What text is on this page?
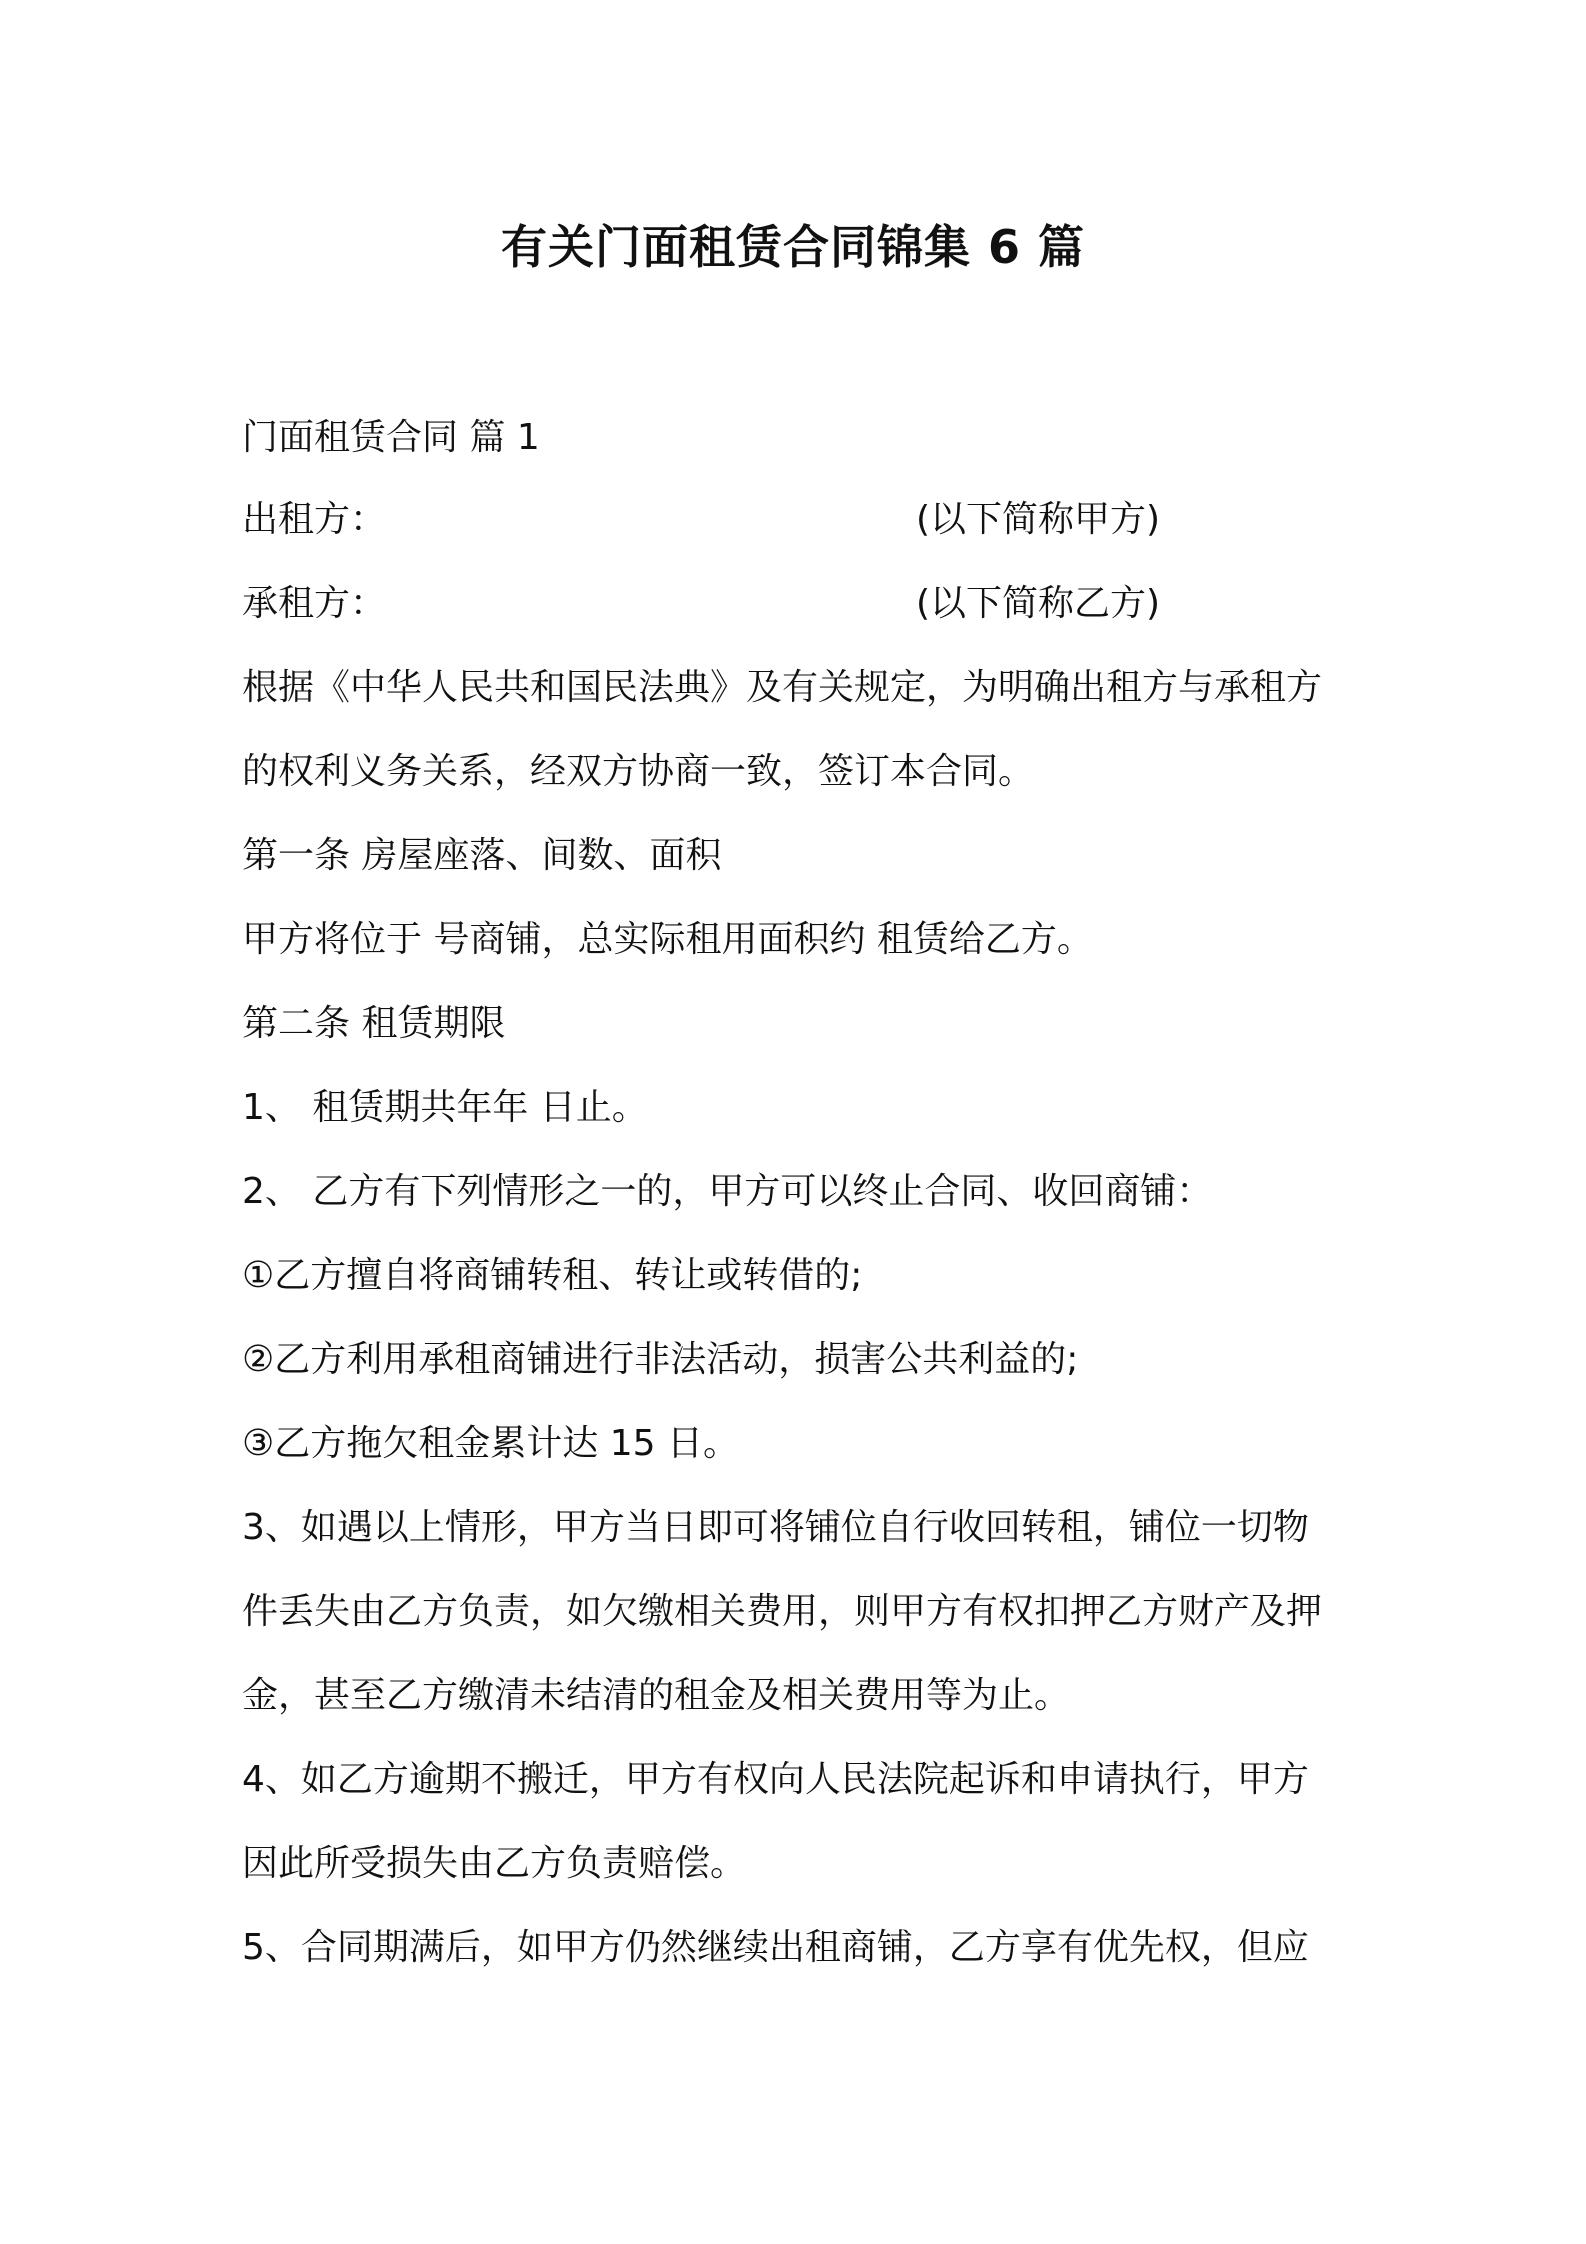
有关门面租赁合同锦集 6 篇
门面租赁合同 篇 1
出租方：	(以下简称甲方)
承租方：	(以下简称乙方)
根据《中华人民共和国民法典》及有关规定，为明确出租方与承租方
的权利义务关系，经双方协商一致，签订本合同。
第一条 房屋座落、间数、面积
甲方将位于 号商铺，总实际租用面积约 租赁给乙方。
第二条 租赁期限
1、 租赁期共年年 日止。
2、 乙方有下列情形之一的，甲方可以终止合同、收回商铺：
①乙方擅自将商铺转租、转让或转借的;
②乙方利用承租商铺进行非法活动，损害公共利益的;
③乙方拖欠租金累计达 15 日。
3、如遇以上情形，甲方当日即可将铺位自行收回转租，铺位一切物
件丢失由乙方负责，如欠缴相关费用，则甲方有权扣押乙方财产及押
金，甚至乙方缴清未结清的租金及相关费用等为止。
4、如乙方逾期不搬迁，甲方有权向人民法院起诉和申请执行，甲方
因此所受损失由乙方负责赔偿。
5、合同期满后，如甲方仍然继续出租商铺，乙方享有优先权，但应
